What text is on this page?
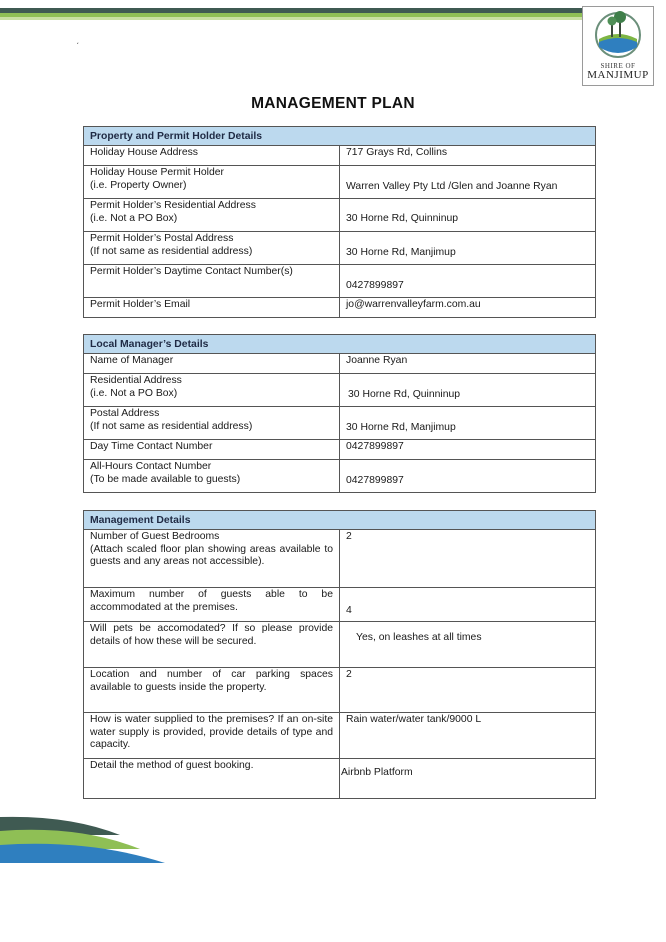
SHIRE OF
MANJIMUP
ˏ
MANAGEMENT PLAN
Property and Permit Holder Details	
Holiday House Address	717 Grays Rd, Collins
Holiday House Permit Holder
(i.e. Property Owner)	Warren Valley Pty Ltd /Glen and Joanne Ryan
Permit Holder’s Residential Address
(i.e. Not a PO Box)	30 Horne Rd, Quinninup
Permit Holder’s Postal Address
(If not same as residential address)	30 Horne Rd, Manjimup
Permit Holder’s Daytime Contact Number(s)	0427899897
Permit Holder’s Email	jo@warrenvalleyfarm.com.au
Local Manager’s Details	
Name of Manager	Joanne Ryan
Residential Address
(i.e. Not a PO Box)	30 Horne Rd, Quinninup
Postal Address
(If not same as residential address)	30 Horne Rd, Manjimup
Day Time Contact Number	0427899897
All-Hours Contact Number
(To be made available to guests)	0427899897
Management Details	
Number of Guest Bedrooms
(Attach scaled floor plan showing areas available to guests and any areas not accessible).	2
Maximum number of guests able to be accommodated at the premises.	4
Will pets be accomodated? If so please provide details of how these will be secured.	Yes, on leashes at all times
Location and number of car parking spaces available to guests inside the property.	2
How is water supplied to the premises? If an on-site water supply is provided, provide details of type and capacity.	Rain water/water tank/9000 L
Detail the method of guest booking.	Airbnb Platform
